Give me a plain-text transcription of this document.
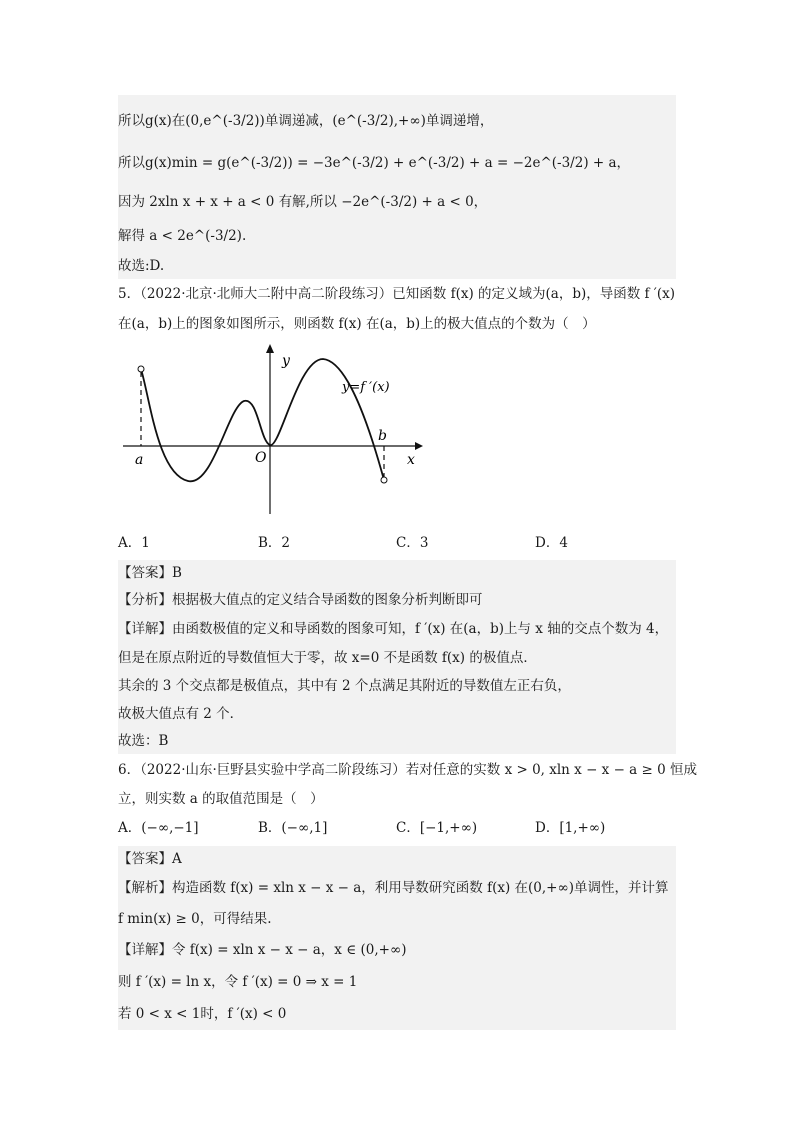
所以g(x)在(0,e^(-3/2))单调递减，(e^(-3/2),+∞)单调递增，
所以g(x)min = g(e^(-3/2)) = −3e^(-3/2) + e^(-3/2) + a = −2e^(-3/2) + a，
因为 2xln x + x + a < 0 有解,所以 −2e^(-3/2) + a < 0，
解得 a < 2e^(-3/2).
故选:D.
5．（2022·北京·北师大二附中高二阶段练习）已知函数 f(x) 的定义域为(a，b)，导函数 f ′(x)
在(a，b)上的图象如图所示，则函数 f(x) 在(a，b)上的极大值点的个数为（　）
y
x
y=f ′(x)
a
b
O
A．1	B．2	C．3	D．4
【答案】B
【分析】根据极大值点的定义结合导函数的图象分析判断即可
【详解】由函数极值的定义和导函数的图象可知，f ′(x) 在(a，b)上与 x 轴的交点个数为 4，
但是在原点附近的导数值恒大于零，故 x=0 不是函数 f(x) 的极值点．
其余的 3 个交点都是极值点，其中有 2 个点满足其附近的导数值左正右负，
故极大值点有 2 个．
故选：B
6．（2022·山东·巨野县实验中学高二阶段练习）若对任意的实数 x > 0, xln x − x − a ≥ 0 恒成
立，则实数 a 的取值范围是（　）
A．(−∞,−1]	B．(−∞,1]	C．[−1,+∞)	D．[1,+∞)
【答案】A
【解析】构造函数 f(x) = xln x − x − a，利用导数研究函数 f(x) 在(0,+∞)单调性，并计算
f min(x) ≥ 0，可得结果.
【详解】令 f(x) = xln x − x − a，x ∈ (0,+∞)
则 f ′(x) = ln x，令 f ′(x) = 0 ⇒ x = 1
若 0 < x < 1时，f ′(x) < 0
